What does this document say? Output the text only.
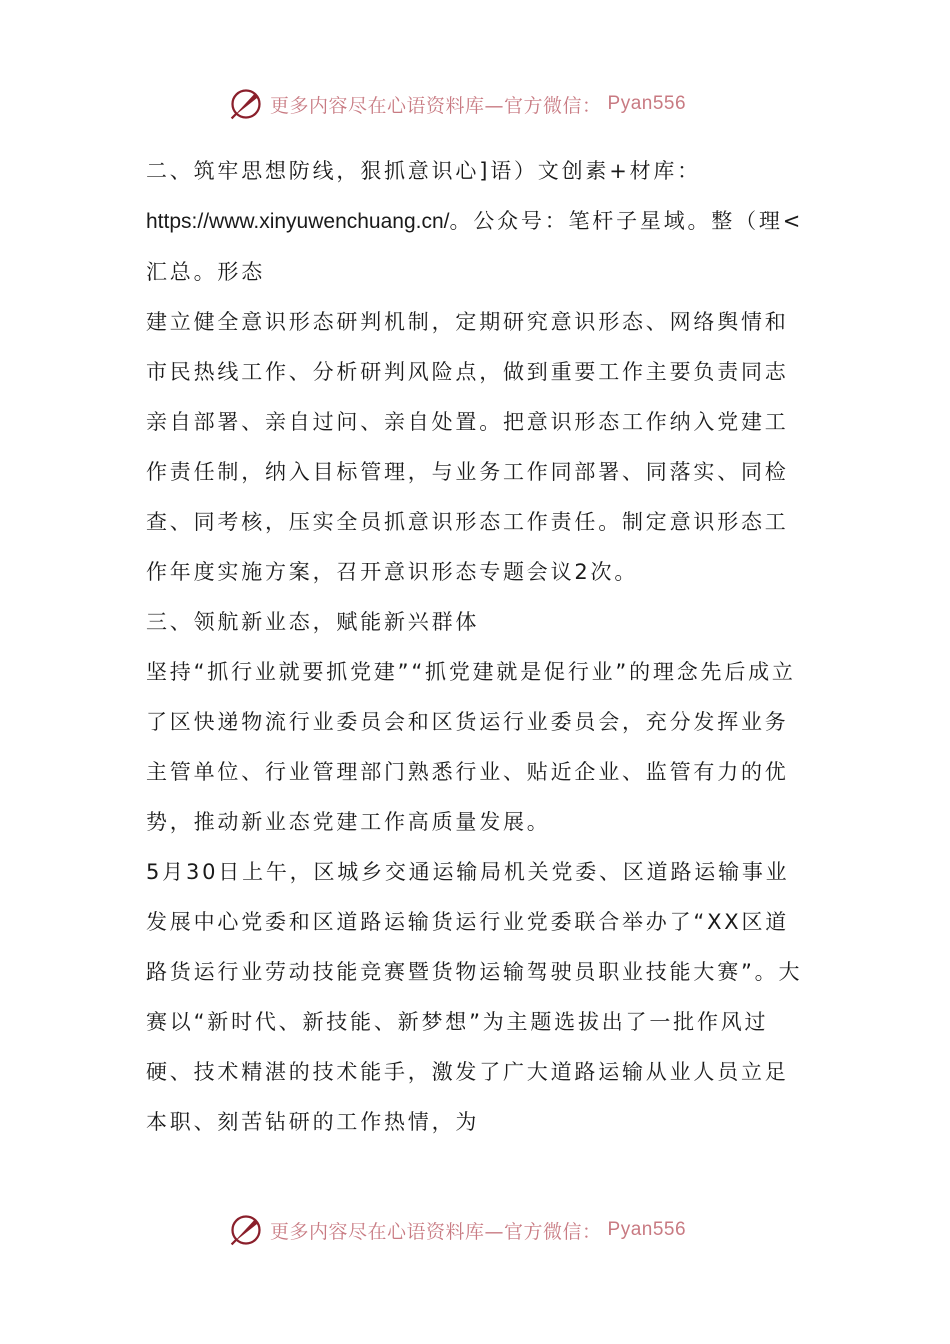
更多内容尽在心语资料库—官方微信： Pyan556

二、筑牢思想防线，狠抓意识心]语）文创素+材库：https://www.xinyuwenchuang.cn/。公众号：笔杆子星域。整（理<汇总。形态

建立健全意识形态研判机制，定期研究意识形态、网络舆情和市民热线工作、分析研判风险点，做到重要工作主要负责同志亲自部署、亲自过问、亲自处置。把意识形态工作纳入党建工作责任制，纳入目标管理，与业务工作同部署、同落实、同检查、同考核，压实全员抓意识形态工作责任。制定意识形态工作年度实施方案，召开意识形态专题会议2次。

三、领航新业态，赋能新兴群体

坚持“抓行业就要抓党建”“抓党建就是促行业”的理念先后成立了区快递物流行业委员会和区货运行业委员会，充分发挥业务主管单位、行业管理部门熟悉行业、贴近企业、监管有力的优势，推动新业态党建工作高质量发展。

5月30日上午，区城乡交通运输局机关党委、区道路运输事业发展中心党委和区道路运输货运行业党委联合举办了“XX区道路货运行业劳动技能竞赛暨货物运输驾驶员职业技能大赛”。大赛以“新时代、新技能、新梦想”为主题选拔出了一批作风过硬、技术精湛的技术能手，激发了广大道路运输从业人员立足本职、刻苦钻研的工作热情，为

更多内容尽在心语资料库—官方微信： Pyan556
